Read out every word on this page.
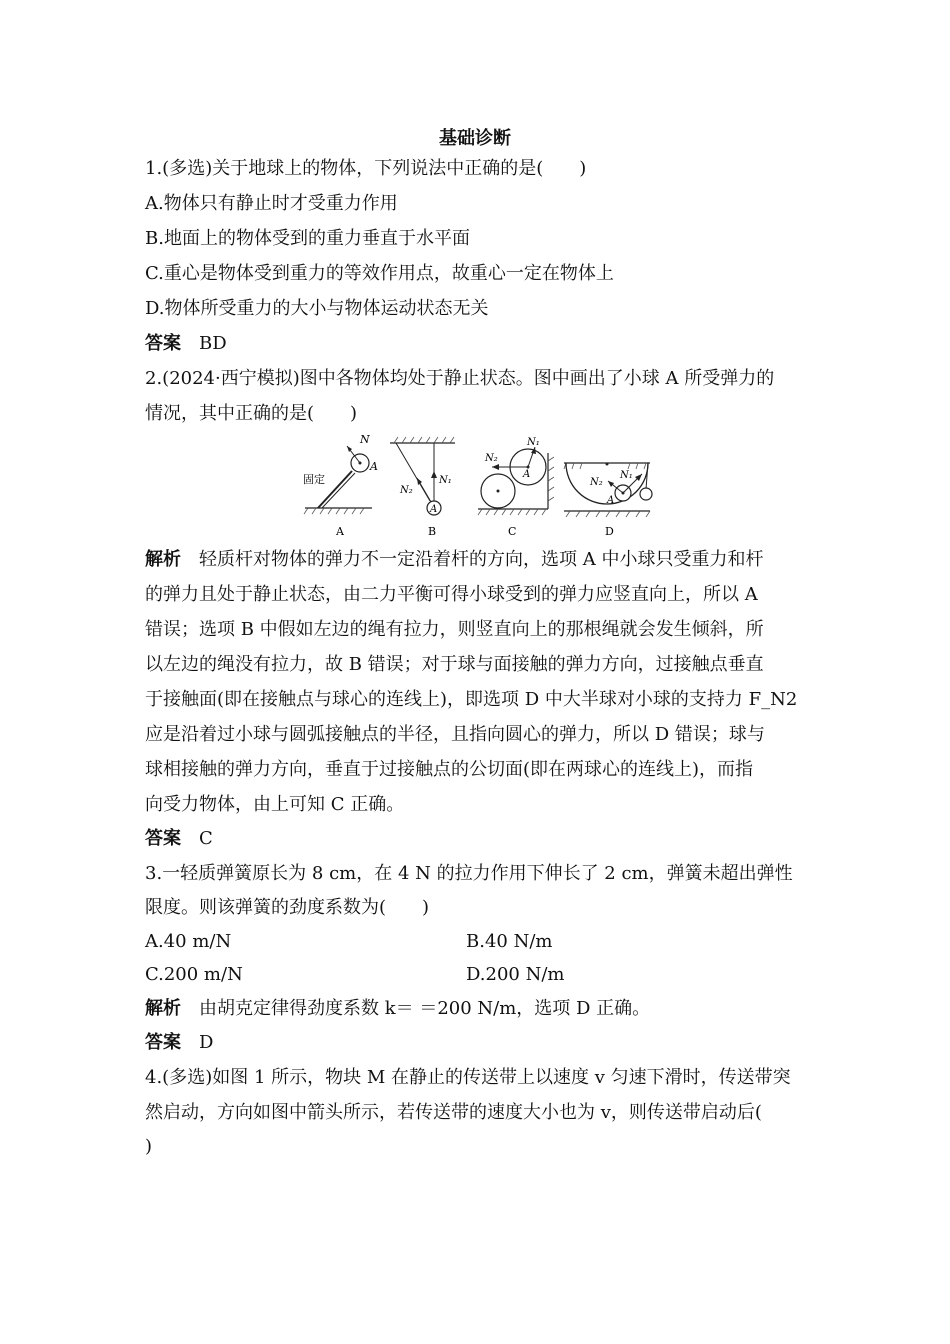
基础诊断
1.(多选)关于地球上的物体，下列说法中正确的是(　　)
A.物体只有静止时才受重力作用
B.地面上的物体受到的重力垂直于水平面
C.重心是物体受到重力的等效作用点，故重心一定在物体上
D.物体所受重力的大小与物体运动状态无关
答案 BD
2.(2024·西宁模拟)图中各物体均处于静止状态。图中画出了小球 A 所受弹力的
情况，其中正确的是(　　)
N
A
固定
A
A
N₁
N₂
B
A
N₁
N₂
C
N₁
N₂
A
D
解析 轻质杆对物体的弹力不一定沿着杆的方向，选项 A 中小球只受重力和杆
的弹力且处于静止状态，由二力平衡可得小球受到的弹力应竖直向上，所以 A
错误；选项 B 中假如左边的绳有拉力，则竖直向上的那根绳就会发生倾斜，所
以左边的绳没有拉力，故 B 错误；对于球与面接触的弹力方向，过接触点垂直
于接触面(即在接触点与球心的连线上)，即选项 D 中大半球对小球的支持力 F_N2
应是沿着过小球与圆弧接触点的半径，且指向圆心的弹力，所以 D 错误；球与
球相接触的弹力方向，垂直于过接触点的公切面(即在两球心的连线上)，而指
向受力物体，由上可知 C 正确。
答案 C
3.一轻质弹簧原长为 8 cm，在 4 N 的拉力作用下伸长了 2 cm，弹簧未超出弹性
限度。则该弹簧的劲度系数为(　　)
A.40 m/N	B.40 N/m
C.200 m/N	D.200 N/m
解析 由胡克定律得劲度系数 k＝ ＝200 N/m，选项 D 正确。
答案 D
4.(多选)如图 1 所示，物块 M 在静止的传送带上以速度 v 匀速下滑时，传送带突
然启动，方向如图中箭头所示，若传送带的速度大小也为 v，则传送带启动后(
)
